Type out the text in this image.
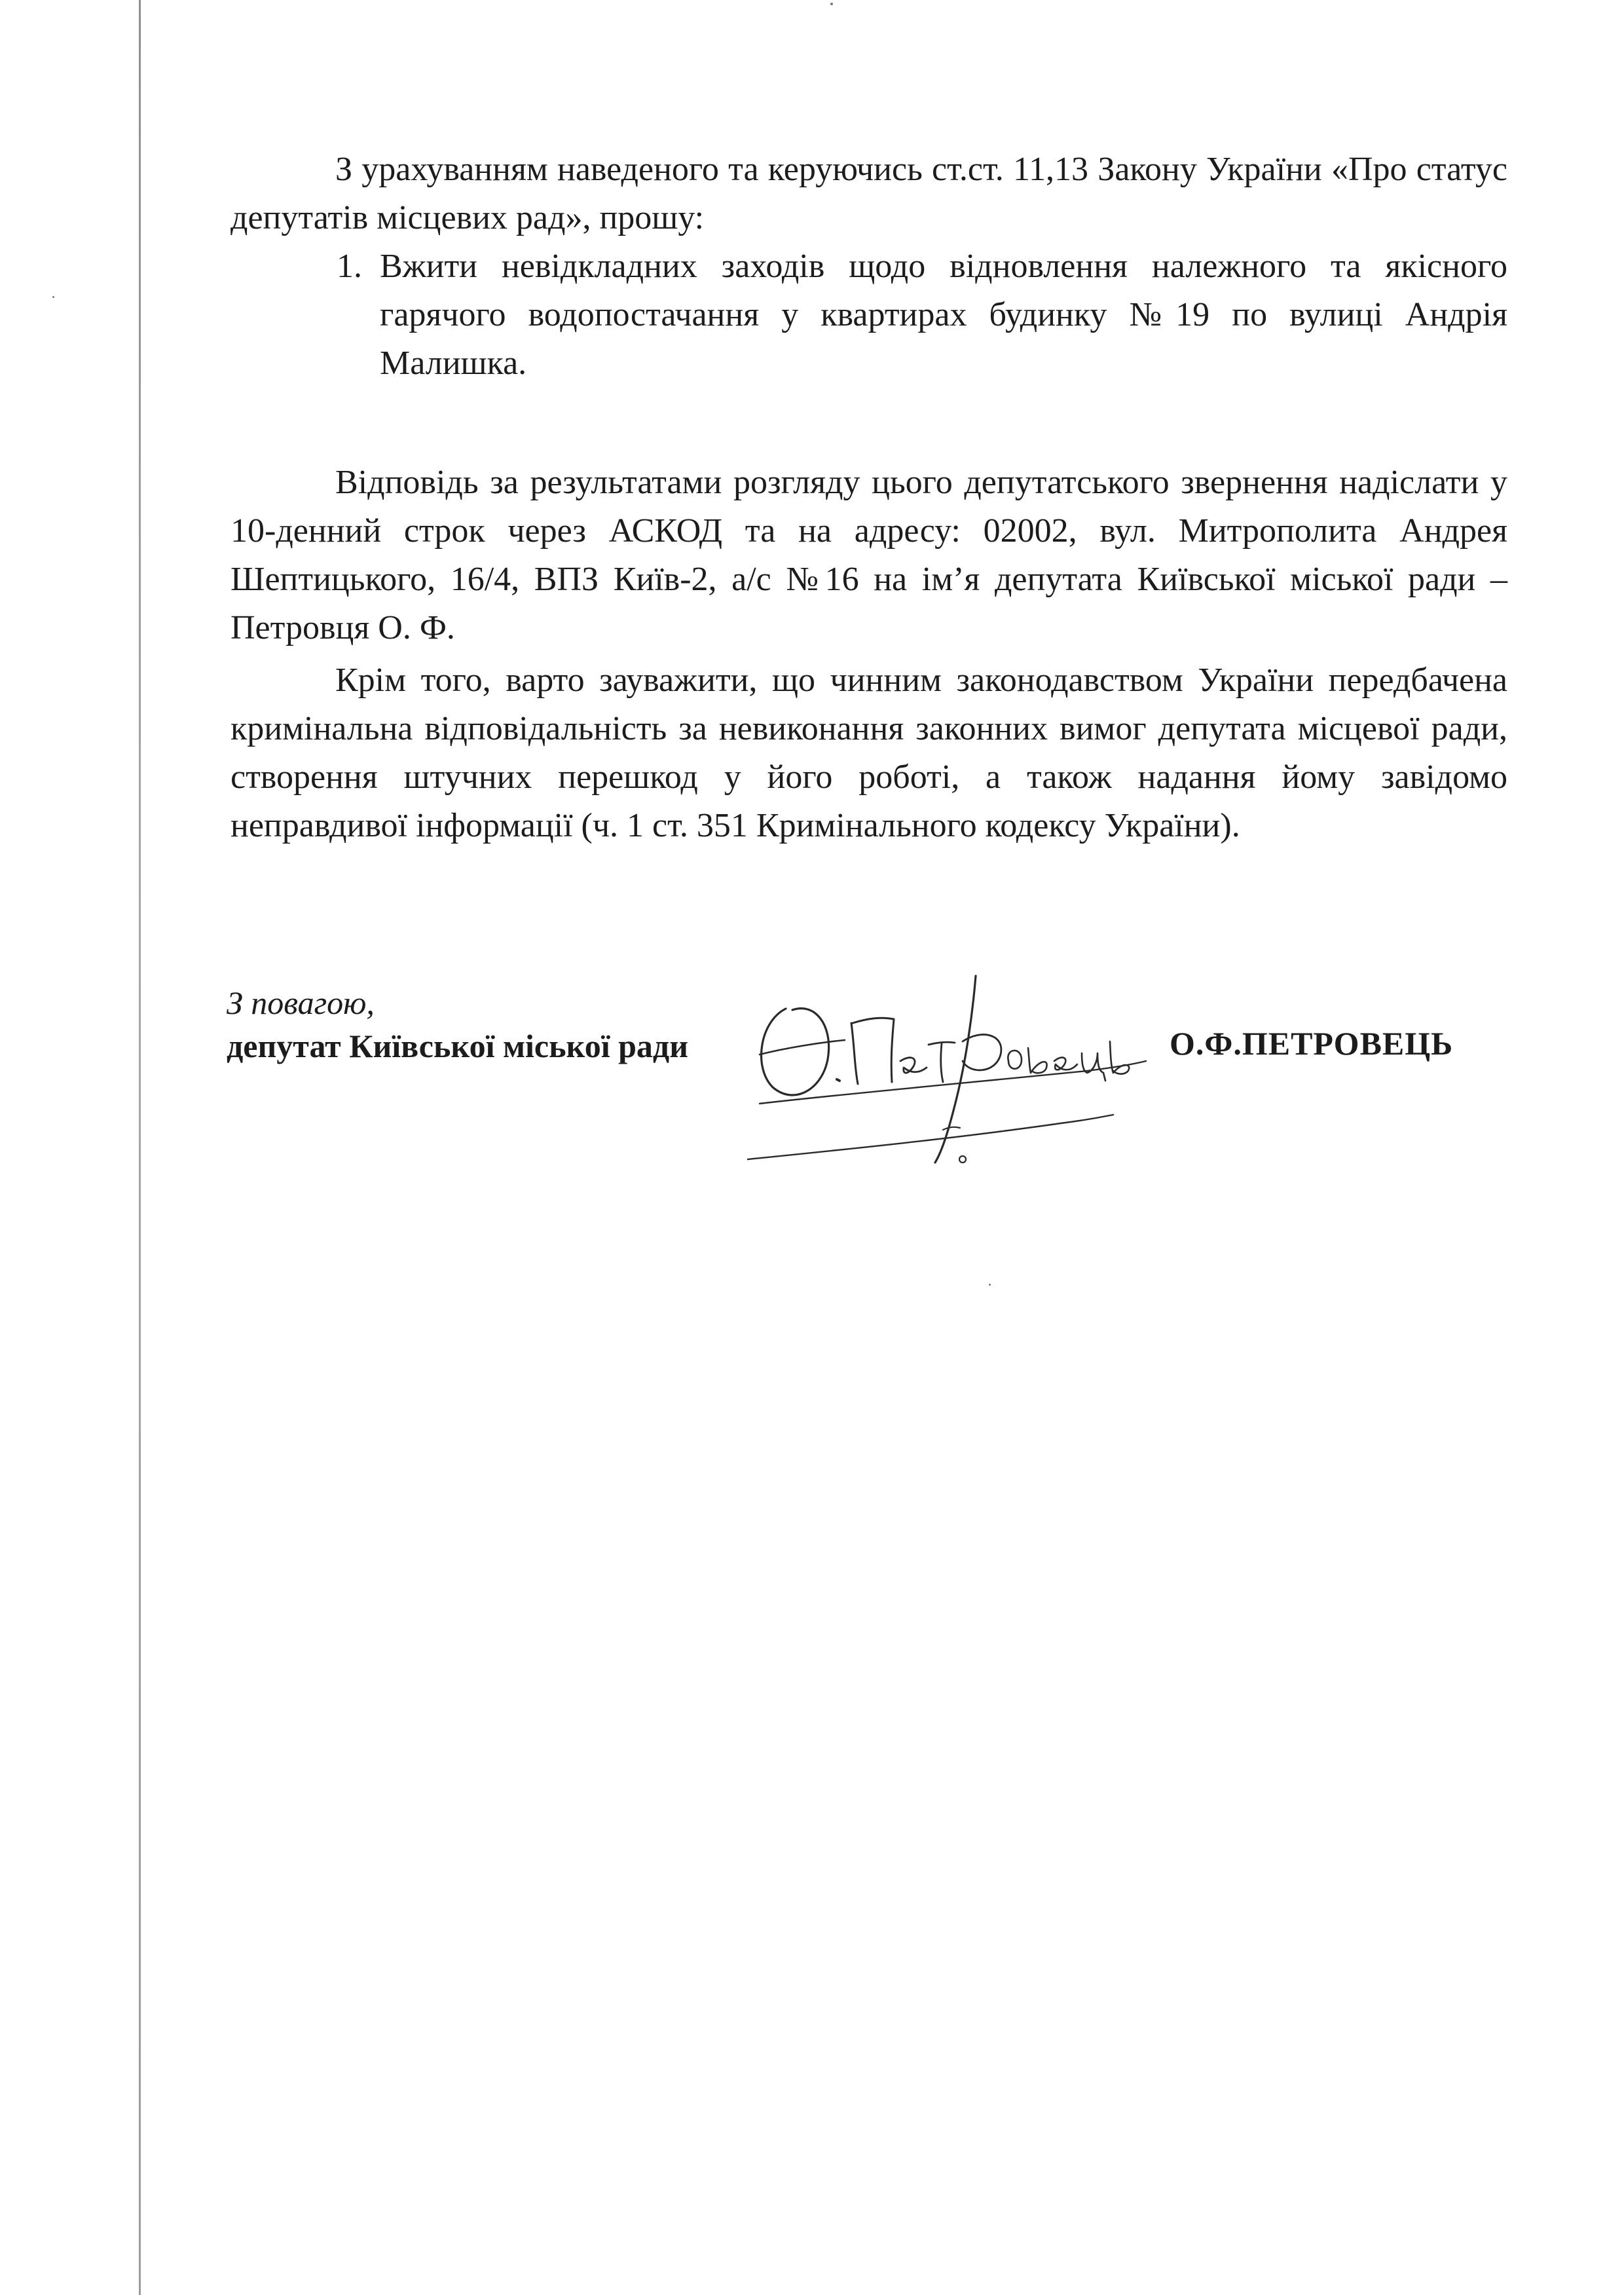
З урахуванням наведеного та керуючись ст.ст. 11,13 Закону України «Про статус депутатів місцевих рад», прошу:

1. Вжити невідкладних заходів щодо відновлення належного та якісного гарячого водопостачання у квартирах будинку №19 по вулиці Андрія Малишка.

Відповідь за результатами розгляду цього депутатського звернення надіслати у 10-денний строк через АСКОД та на адресу: 02002, вул. Митрополита Андрея Шептицького, 16/4, ВПЗ Київ-2, а/с №16 на ім’я депутата Київської міської ради – Петровця О. Ф.

Крім того, варто зауважити, що чинним законодавством України передбачена кримінальна відповідальність за невиконання законних вимог депутата місцевої ради, створення штучних перешкод у його роботі, а також надання йому завідомо неправдивої інформації (ч. 1 ст. 351 Кримінального кодексу України).

З повагою,
депутат Київської міської ради	О.Ф.ПЕТРОВЕЦЬ
